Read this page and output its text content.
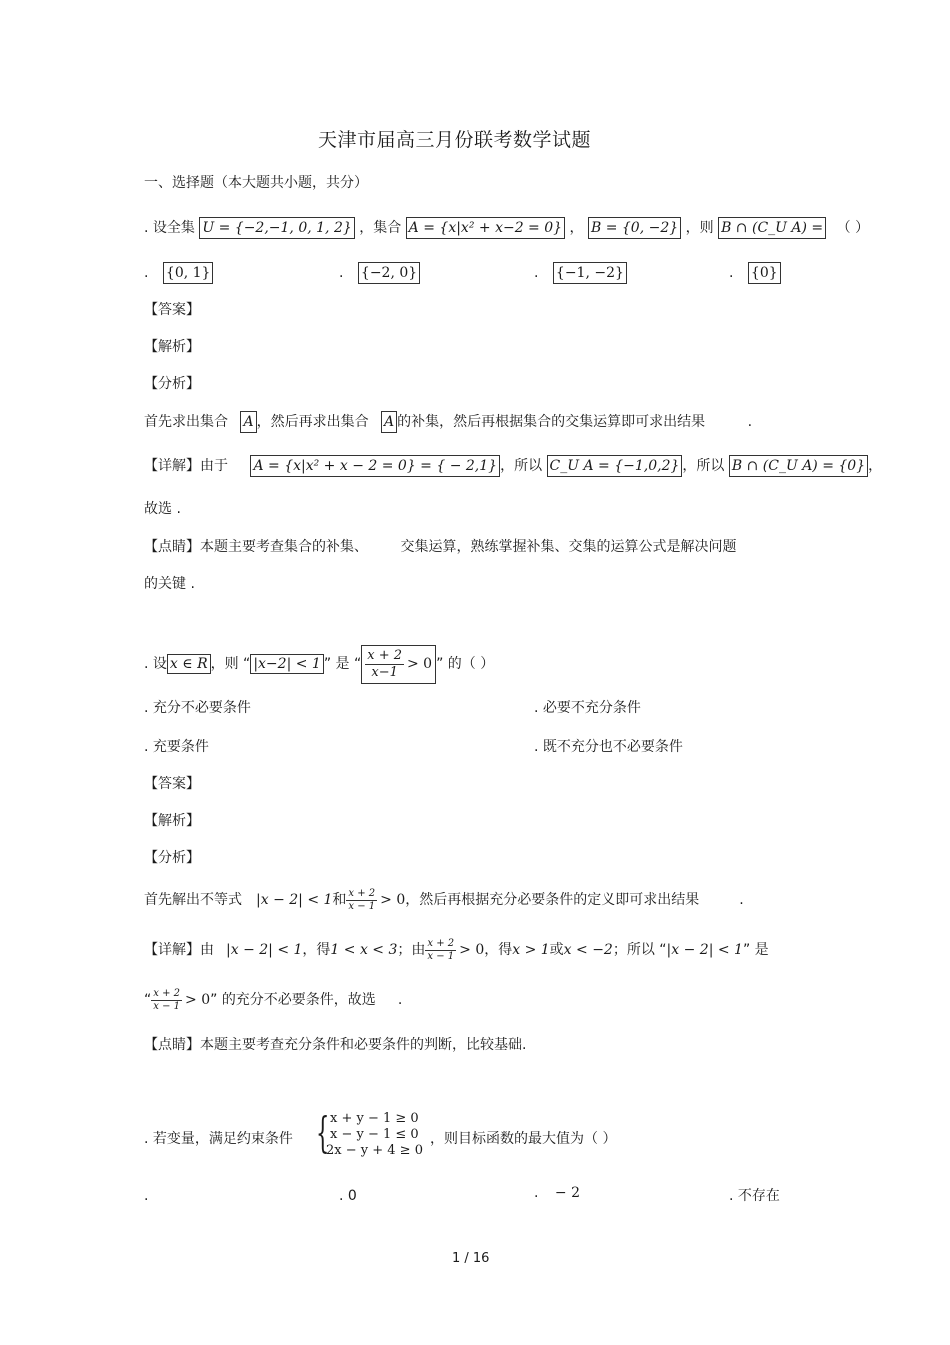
天津市届高三月份联考数学试题
一、选择题（本大题共小题，共分）
. 设全集 U = {−2,−1, 0, 1, 2} ，集合 A = {x|x² + x−2 = 0} ， B = {0, −2} ，则 B ∩ (C_U A) = （ ）
. {0, 1}	. {−2, 0}	. {−1, −2}	. {0}
【答案】
【解析】
【分析】
首先求出集合 A ，然后再求出集合 A 的补集，然后再根据集合的交集运算即可求出结果	.
【详解】由于 A = {x|x² + x − 2 = 0} = { − 2,1} ，所以 C_U A = {−1,0,2} ，所以 B ∩ (C_U A) = {0} ，
故选 .
【点睛】本题主要考查集合的补集、 交集运算，熟练掌握补集、交集的运算公式是解决问题
的关键 .
. 设 x ∈ R ，则 “ |x−2| < 1 ” 是 “ $\frac{x + 2}{x-1} > 0$ ” 的（ ）
. 充分不必要条件	. 必要不充分条件
. 充要条件	. 既不充分也不必要条件
【答案】
【解析】
【分析】
首先解出不等式 |x − 2| < 1 和 $\frac{x + 2}{x - 1} > 0$ ，然后再根据充分必要条件的定义即可求出结果	.
【详解】由 |x − 2| < 1 ，得 1 < x < 3 ；由 $\frac{x + 2}{x - 1} > 0$ ，得 x > 1 或 x < −2 ；所以 “ |x − 2| < 1 ” 是
“ $\frac{x + 2}{x - 1} > 0$ ” 的充分不必要条件，故选 .
【点睛】本题主要考查充分条件和必要条件的判断，比较基础.
. 若变量，满足约束条件 { x + y − 1 ≥ 0
x − y − 1 ≤ 0
2x − y + 4 ≥ 0
，则目标函数的最大值为（ ）
.	. 0	. − 2	. 不存在
1 / 16
